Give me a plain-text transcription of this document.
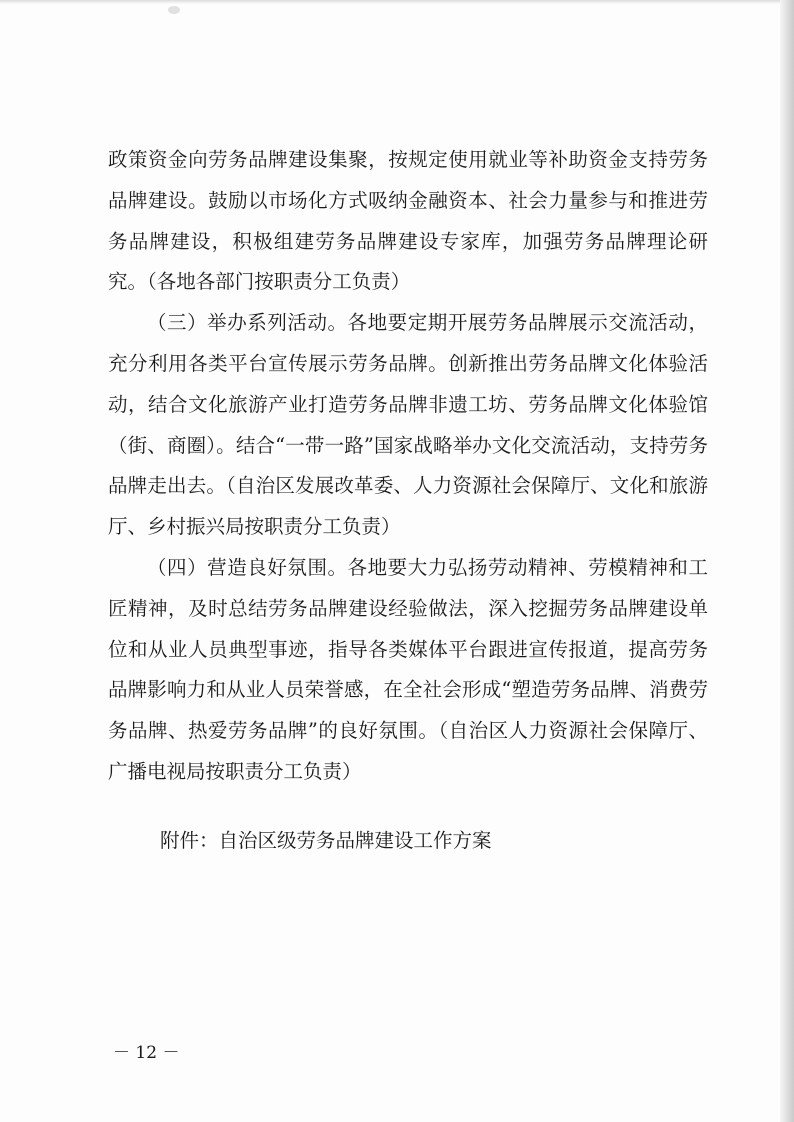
政策资金向劳务品牌建设集聚，按规定使用就业等补助资金支持劳务品牌建设。鼓励以市场化方式吸纳金融资本、社会力量参与和推进劳务品牌建设，积极组建劳务品牌建设专家库，加强劳务品牌理论研究。（各地各部门按职责分工负责）

（三）举办系列活动。各地要定期开展劳务品牌展示交流活动，充分利用各类平台宣传展示劳务品牌。创新推出劳务品牌文化体验活动，结合文化旅游产业打造劳务品牌非遗工坊、劳务品牌文化体验馆（街、商圈）。结合“一带一路”国家战略举办文化交流活动，支持劳务品牌走出去。（自治区发展改革委、人力资源社会保障厅、文化和旅游厅、乡村振兴局按职责分工负责）

（四）营造良好氛围。各地要大力弘扬劳动精神、劳模精神和工匠精神，及时总结劳务品牌建设经验做法，深入挖掘劳务品牌建设单位和从业人员典型事迹，指导各类媒体平台跟进宣传报道，提高劳务品牌影响力和从业人员荣誉感，在全社会形成“塑造劳务品牌、消费劳务品牌、热爱劳务品牌”的良好氛围。（自治区人力资源社会保障厅、广播电视局按职责分工负责）

附件：自治区级劳务品牌建设工作方案
－ 12 －
